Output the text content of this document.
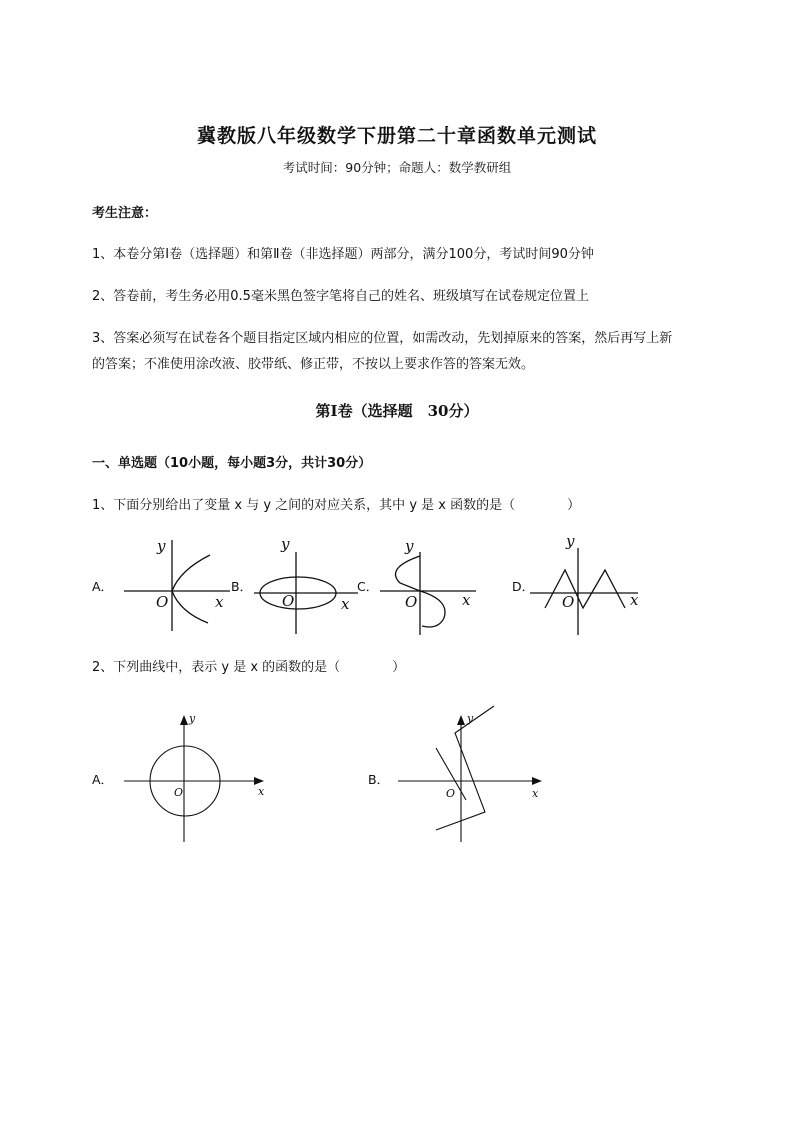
冀教版八年级数学下册第二十章函数单元测试
考试时间：90分钟；命题人：数学教研组
考生注意：
1、本卷分第I卷（选择题）和第Ⅱ卷（非选择题）两部分，满分100分，考试时间90分钟
2、答卷前，考生务必用0.5毫米黑色签字笔将自己的姓名、班级填写在试卷规定位置上
3、答案必须写在试卷各个题目指定区域内相应的位置，如需改动，先划掉原来的答案，然后再写上新
的答案；不准使用涂改液、胶带纸、修正带，不按以上要求作答的答案无效。
第I卷（选择题　30分）
一、单选题（10小题，每小题3分，共计30分）
1、下面分别给出了变量 x 与 y 之间的对应关系，其中 y 是 x 函数的是（　　　　）
A．	B．	C．	D．
y
x
O
y
x
O
y
x
O
y
x
O
y
x
O
y
x
O
2、下列曲线中，表示 y 是 x 的函数的是（　　　　）
A．	B．
